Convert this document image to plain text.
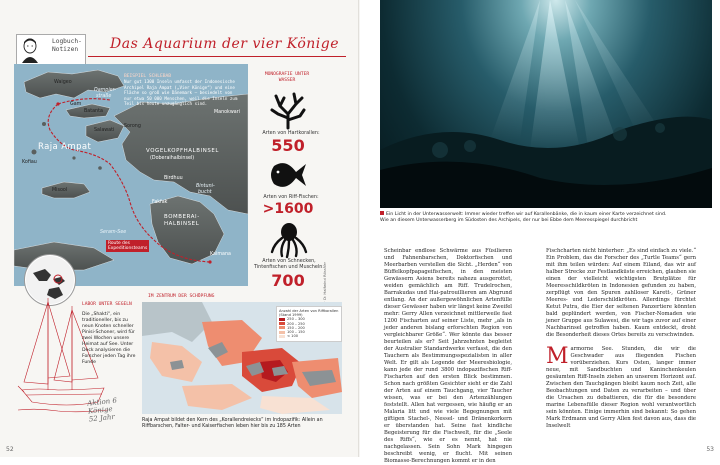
Logbuch-
Notizen Das Aquarium der vier Könige
BEISPIEL SCHLEBAB
Nur gut 1300 Inseln umfasst der Indonesische
Archipel Raja Ampat („Vier Könige“) und eine
Fläche so groß wie Dänemark – besiedelt von
nur etwa 50 000 Menschen, weil die Inseln zum
Teil bis heute unzugänglich sind.
Waigeo
Gam
Batanta
Salawati
Sorong
Misool
Kofiau
Raja Ampat	VOGELKOPFHALBINSEL
(Doberaihalbinsel)
BOMBERAI-
HALBINSEL
Dampier-
straße
Seram-See
Bintuni-
bucht
Manokwari
Fakfak
Kaimana
Birdhuu
Route des
Expeditionsteams
MONOGRAFIE UNTER
WASSER
Arten von Hartkorallen:
550
Arten von Riff-Fischen:
>1600
Arten von Schnecken, Tintenfischen und Muscheln:
700
LABOR UNTER SEGELN
Die „Shakti“, ein traditioneller, bis zu neun Knoten schneller Pinisi-Schoner, wird für zwei Wochen unsere Heimat auf See. Unter Deck analysieren die Forscher jeden Tag ihre Funde
Aktion 6
Könige
52 Jahr
IM ZENTRUM DER SCHÖPFUNG
Anzahl der Arten von Riffkorallen (Stand 1999)
250 – 300
200 – 250
150 – 200
100 – 150
< 100
Raja Ampat bildet den Kern des „Korallendreiecks“ im Indopazifik: Allein an Riffbarschen, Falter- und Kaiserfischen leben hier bis zu 185 Arten
52
Ein Licht in der Unterwasserwelt: Immer wieder treffen wir auf Korallenbänke, die in kaum einer Karte verzeichnet sind.
Wie an diesem Unterwasserberg im Südosten des Archipels, der nur bei Ebbe dem Meeresspiegel durchbricht

Scheinbar endlose Schwärme aus Füsilieren und Fahnenbarschen, Doktorfischen und Meerbarben verstellen die Sicht. „Herden“ von Büffelkopfpapageifischen, in den meisten Gewässern Asiens bereits nahezu ausgerottet, weiden gemächlich am Riff. Trudelrochen, Barrakudas und Hai-patrouillieren am Abgrund entlang. An der außergewöhnlichen Artenfülle dieser Gewässer haben wir längst keine Zweifel mehr: Gerry Allen verzeichnet mittlerweile fast 1200 Fischarten auf seiner Liste, mehr „als in jeder anderen bislang erforschten Region von vergleichbarer Größe“. Wer könnte das besser beurteilen als er? Seit Jahrzehnten begleitet der Australier Standardwerke verfasst, die den Tauchern als Bestimmungsspezialisten in aller Welt. Er gilt als Legende der Meeresbiologie, kann jede der rund 3800 indopazifischen Riff-Fischarten auf den ersten Blick bestimmen. Schon nach größten Gesichter sieht er die Zahl der Arten auf einem Tauchgang, vier Taucher wissen, was er bei den Artenzählungen feststellt. Allen hat vergessen, wie häufig er an Malaria litt und wie viele Begegnungen mit giftigen Stachel-, Nessel- und Dränenkorkern er überstanden hat. Seine fast kindliche Begeisterung für die Fischwelt, für die „Seele des Riffs“, wie er es nennt, hat nie nachgelassen. Sein Sohn Mark hingegen beschreibt wenig, er flucht. Mit seinen Biomasse-Berechnungen kommt er in den

Fischcharten nicht hinterher: „Es sind einfach zu viele.“ Ein Problem, das die Forscher des „Turtle Teams“ gern mit ihm teilen würden: Auf einem Eiland, das wir auf halber Strecke zur Festlandküste erreichen, glauben sie einen der vielleicht wichtigsten Brutplätze für Meeresschildkröten in Indonesien gefunden zu haben, zerpflügt von den Spuren zahlloser Karett-, Grüner Meeres- und Lederschildkröten. Allerdings fürchtet Ketut Putra, die Eier der seltenen Panzertiere könnten bald geplündert werden, von Fischer-Nomaden wie jener Gruppe aus Sulawesi, die wir tags zuvor auf einer Nachbarinsel getroffen haben. Kaum entdeckt, droht die Besonderheit dieses Ortes bereits zu verschwinden.

Marmorne See. Stunden, die wir die Geschwader aus fliegenden Fischen vorüberziehen. Kurs Osten, langer immer neue, mit Sandbuchten und Kaninchenkeulen gesäumten Riff-Inseln ziehen an unserem Horizont auf. Zwischen den Tauchgängen bleibt kaum noch Zeit, alle Beobachtungen und Daten zu verarbeiten – und über die Ursachen zu debattieren, die für die besondere marine Lebensfülle dieser Region wohl verantwortlich sein könnten. Einige immerhin sind bekannt: So gehen Mark Erdmann und Gerry Allen fest davon aus, dass die Inselwelt

53
